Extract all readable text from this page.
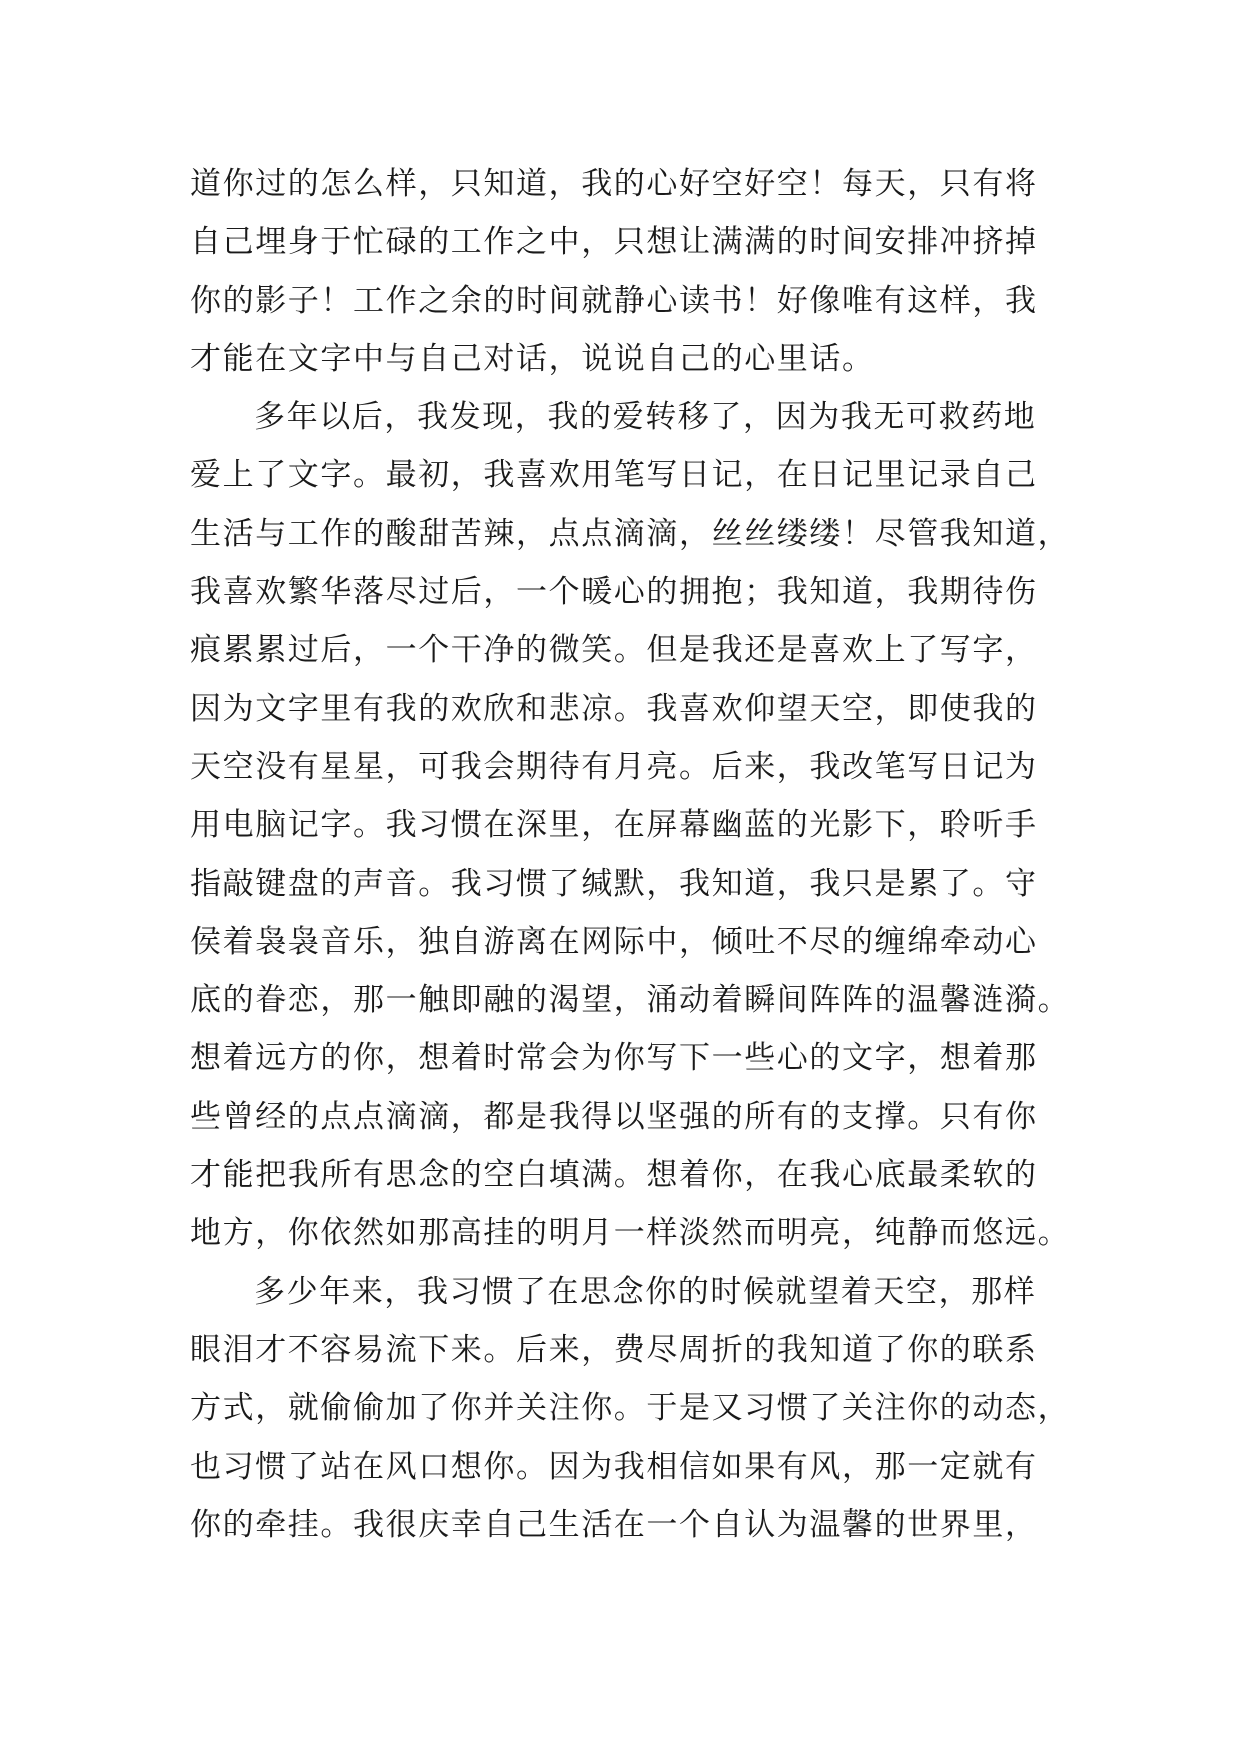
道你过的怎么样，只知道，我的心好空好空！每天，只有将
自己埋身于忙碌的工作之中，只想让满满的时间安排冲挤掉
你的影子！工作之余的时间就静心读书！好像唯有这样，我
才能在文字中与自己对话，说说自己的心里话。
多年以后，我发现，我的爱转移了，因为我无可救药地
爱上了文字。最初，我喜欢用笔写日记，在日记里记录自己
生活与工作的酸甜苦辣，点点滴滴，丝丝缕缕！尽管我知道，
我喜欢繁华落尽过后，一个暖心的拥抱；我知道，我期待伤
痕累累过后，一个干净的微笑。但是我还是喜欢上了写字，
因为文字里有我的欢欣和悲凉。我喜欢仰望天空，即使我的
天空没有星星，可我会期待有月亮。后来，我改笔写日记为
用电脑记字。我习惯在深里，在屏幕幽蓝的光影下，聆听手
指敲键盘的声音。我习惯了缄默，我知道，我只是累了。守
侯着袅袅音乐，独自游离在网际中，倾吐不尽的缠绵牵动心
底的眷恋，那一触即融的渴望，涌动着瞬间阵阵的温馨涟漪。
想着远方的你，想着时常会为你写下一些心的文字，想着那
些曾经的点点滴滴，都是我得以坚强的所有的支撑。只有你
才能把我所有思念的空白填满。想着你，在我心底最柔软的
地方，你依然如那高挂的明月一样淡然而明亮，纯静而悠远。
多少年来，我习惯了在思念你的时候就望着天空，那样
眼泪才不容易流下来。后来，费尽周折的我知道了你的联系
方式，就偷偷加了你并关注你。于是又习惯了关注你的动态，
也习惯了站在风口想你。因为我相信如果有风，那一定就有
你的牵挂。我很庆幸自己生活在一个自认为温馨的世界里，
